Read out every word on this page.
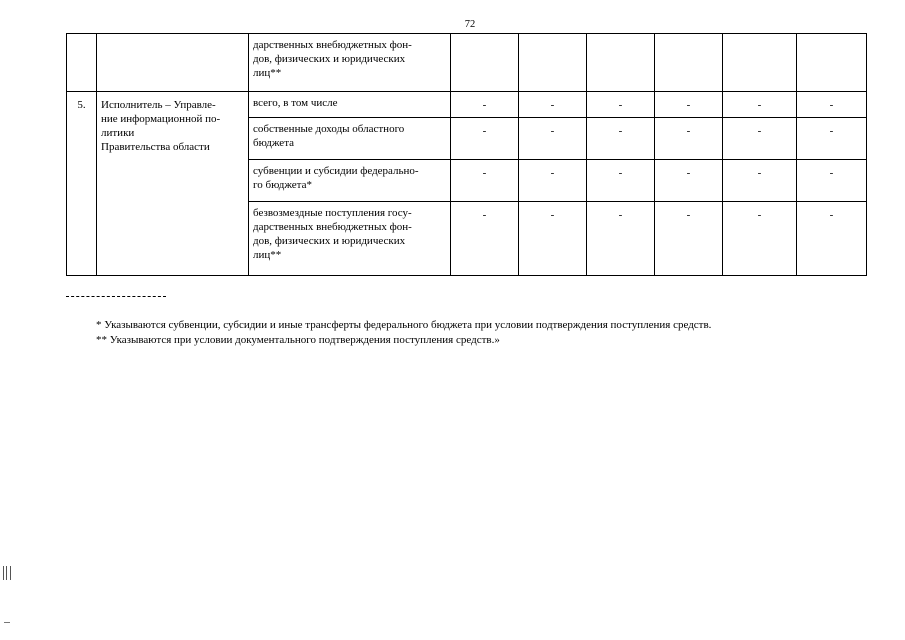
72
		дарственных внебюджетных фон-
дов, физических и юридических
лиц**						
5.	Исполнитель – Управле-
ние информационной по-
литики
Правительства области	всего, в том числе	-	-	-	-	-	-
		собственные доходы областного
бюджета	-	-	-	-	-	-
		субвенции и субсидии федерально-
го бюджета*	-	-	-	-	-	-
		безвозмездные поступления госу-
дарственных внебюджетных фон-
дов, физических и юридических
лиц**	-	-	-	-	-	-

* Указываются субвенции, субсидии и иные трансферты федерального бюджета при условии подтверждения поступления средств.

** Указываются при условии документального подтверждения поступления средств.»
